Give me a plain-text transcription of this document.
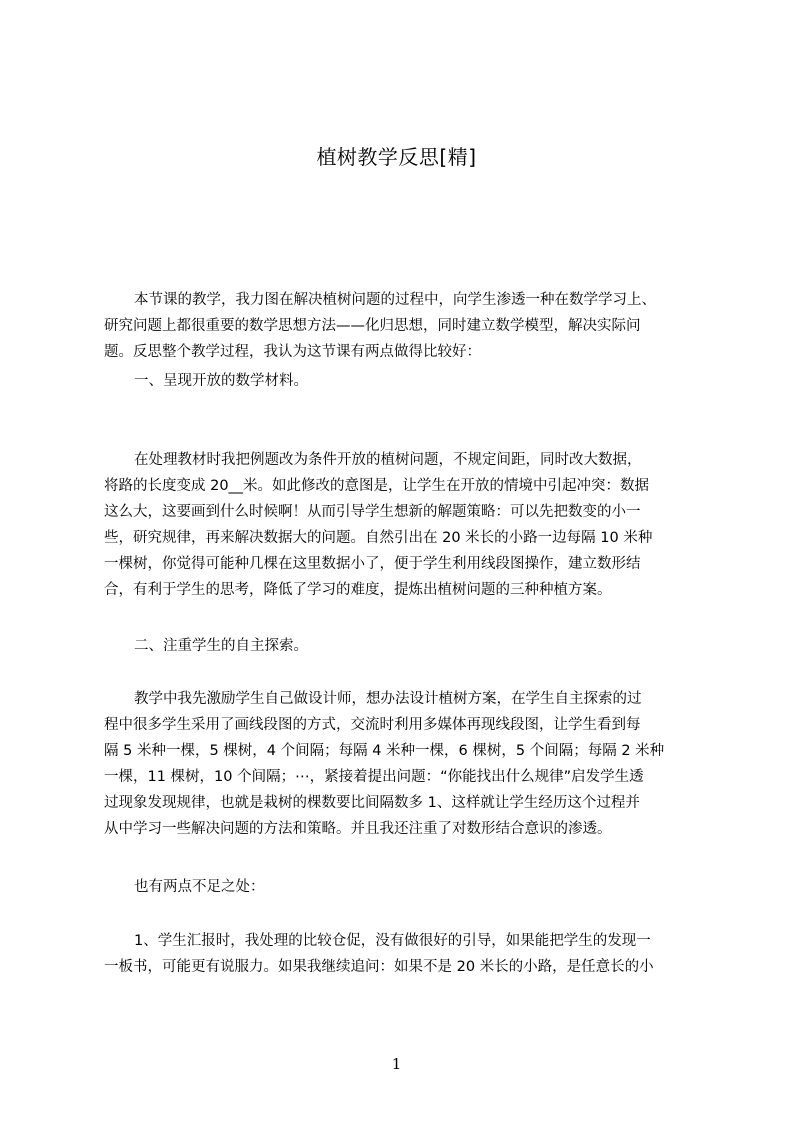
植树教学反思[精]
本节课的教学，我力图在解决植树问题的过程中，向学生渗透一种在数学学习上、
研究问题上都很重要的数学思想方法——化归思想，同时建立数学模型，解决实际问
题。反思整个教学过程，我认为这节课有两点做得比较好：
一、呈现开放的数学材料。
在处理教材时我把例题改为条件开放的植树问题，不规定间距，同时改大数据，
将路的长度变成 20__米。如此修改的意图是，让学生在开放的情境中引起冲突：数据
这么大，这要画到什么时候啊！从而引导学生想新的解题策略：可以先把数变的小一
些，研究规律，再来解决数据大的问题。自然引出在 20 米长的小路一边每隔 10 米种
一棵树，你觉得可能种几棵在这里数据小了，便于学生利用线段图操作，建立数形结
合，有利于学生的思考，降低了学习的难度，提炼出植树问题的三种种植方案。
二、注重学生的自主探索。
教学中我先激励学生自己做设计师，想办法设计植树方案，在学生自主探索的过
程中很多学生采用了画线段图的方式，交流时利用多媒体再现线段图，让学生看到每
隔 5 米种一棵，5 棵树，4 个间隔；每隔 4 米种一棵，6 棵树，5 个间隔；每隔 2 米种
一棵，11 棵树，10 个间隔；⋯，紧接着提出问题：“你能找出什么规律”启发学生透
过现象发现规律，也就是栽树的棵数要比间隔数多 1、这样就让学生经历这个过程并
从中学习一些解决问题的方法和策略。并且我还注重了对数形结合意识的渗透。
也有两点不足之处：
1、学生汇报时，我处理的比较仓促，没有做很好的引导，如果能把学生的发现一
一板书，可能更有说服力。如果我继续追问：如果不是 20 米长的小路，是任意长的小
1
